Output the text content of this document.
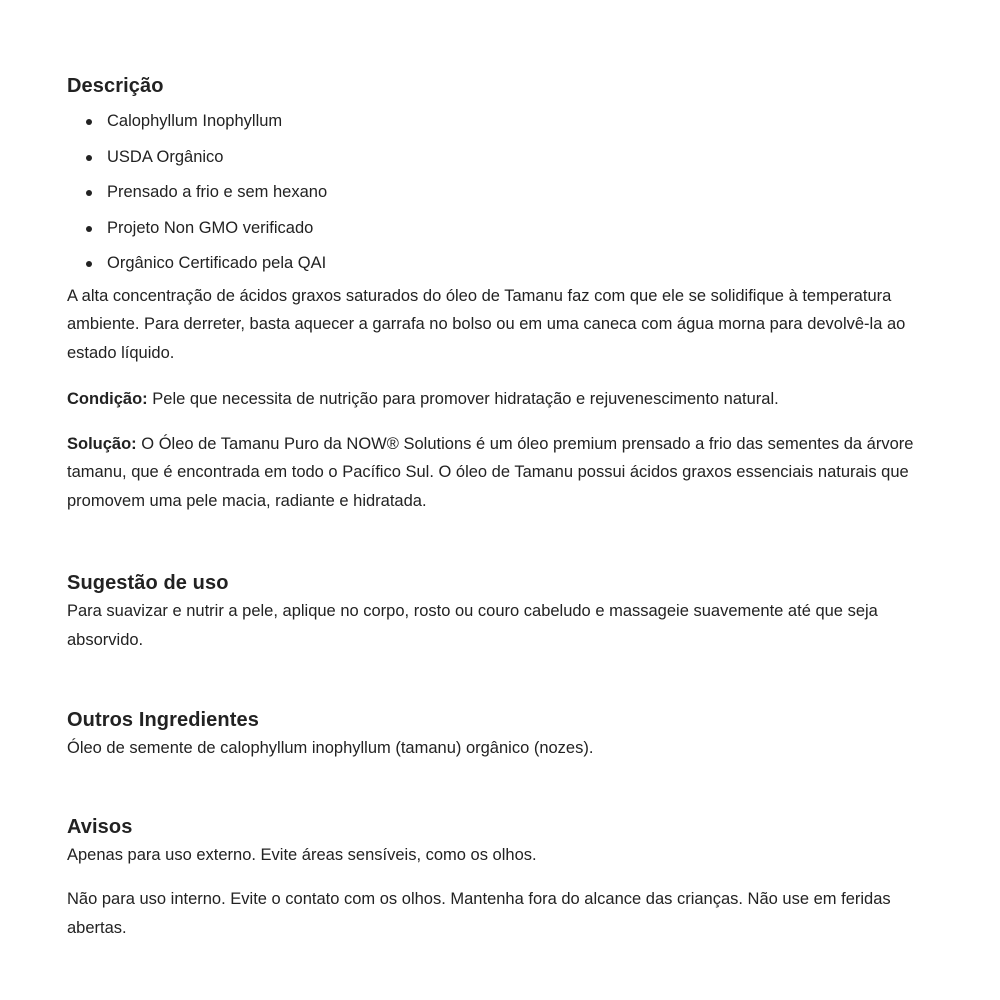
Descrição
Calophyllum Inophyllum
USDA Orgânico
Prensado a frio e sem hexano
Projeto Non GMO verificado
Orgânico Certificado pela QAI

A alta concentração de ácidos graxos saturados do óleo de Tamanu faz com que ele se solidifique à temperatura ambiente. Para derreter, basta aquecer a garrafa no bolso ou em uma caneca com água morna para devolvê-la ao estado líquido.

Condição: Pele que necessita de nutrição para promover hidratação e rejuvenescimento natural.

Solução: O Óleo de Tamanu Puro da NOW® Solutions é um óleo premium prensado a frio das sementes da árvore tamanu, que é encontrada em todo o Pacífico Sul. O óleo de Tamanu possui ácidos graxos essenciais naturais que promovem uma pele macia, radiante e hidratada.

Sugestão de uso

Para suavizar e nutrir a pele, aplique no corpo, rosto ou couro cabeludo e massageie suavemente até que seja absorvido.

Outros Ingredientes

Óleo de semente de calophyllum inophyllum (tamanu) orgânico (nozes).

Avisos

Apenas para uso externo. Evite áreas sensíveis, como os olhos.

Não para uso interno. Evite o contato com os olhos. Mantenha fora do alcance das crianças. Não use em feridas abertas.
